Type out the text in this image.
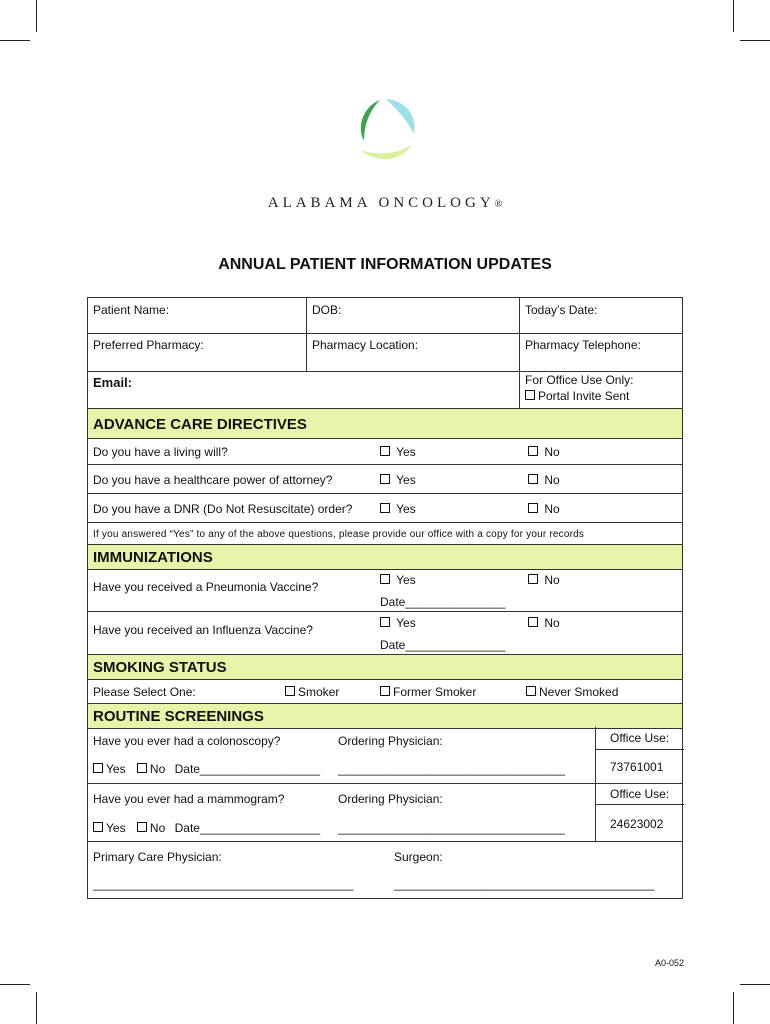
ALABAMA ONCOLOGY®
ANNUAL PATIENT INFORMATION UPDATES
Patient Name:	DOB:	Today’s Date:
Preferred Pharmacy:	Pharmacy Location:	Pharmacy Telephone:
Email:	For Office Use Only:
Portal Invite Sent
ADVANCE CARE DIRECTIVES
Do you have a living will?	Yes	No
Do you have a healthcare power of attorney?	Yes	No
Do you have a DNR (Do Not Resuscitate) order?	Yes	No
If you answered “Yes” to any of the above questions, please provide our office with a copy for your records
IMMUNIZATIONS
Have you received a Pneumonia Vaccine?	Yes	No
Date_______________
Have you received an Influenza Vaccine?	Yes	No
Date_______________
SMOKING STATUS
Please Select One:	Smoker	Former Smoker	Never Smoked
ROUTINE SCREENINGS
Have you ever had a colonoscopy?	Ordering Physician:	Office Use:
Yes No Date__________________ __________________________________	73761001
Have you ever had a mammogram?	Ordering Physician:	Office Use:
Yes No Date__________________ __________________________________	24623002
Primary Care Physician:	Surgeon:
_______________________________________	_______________________________________
A0-052
